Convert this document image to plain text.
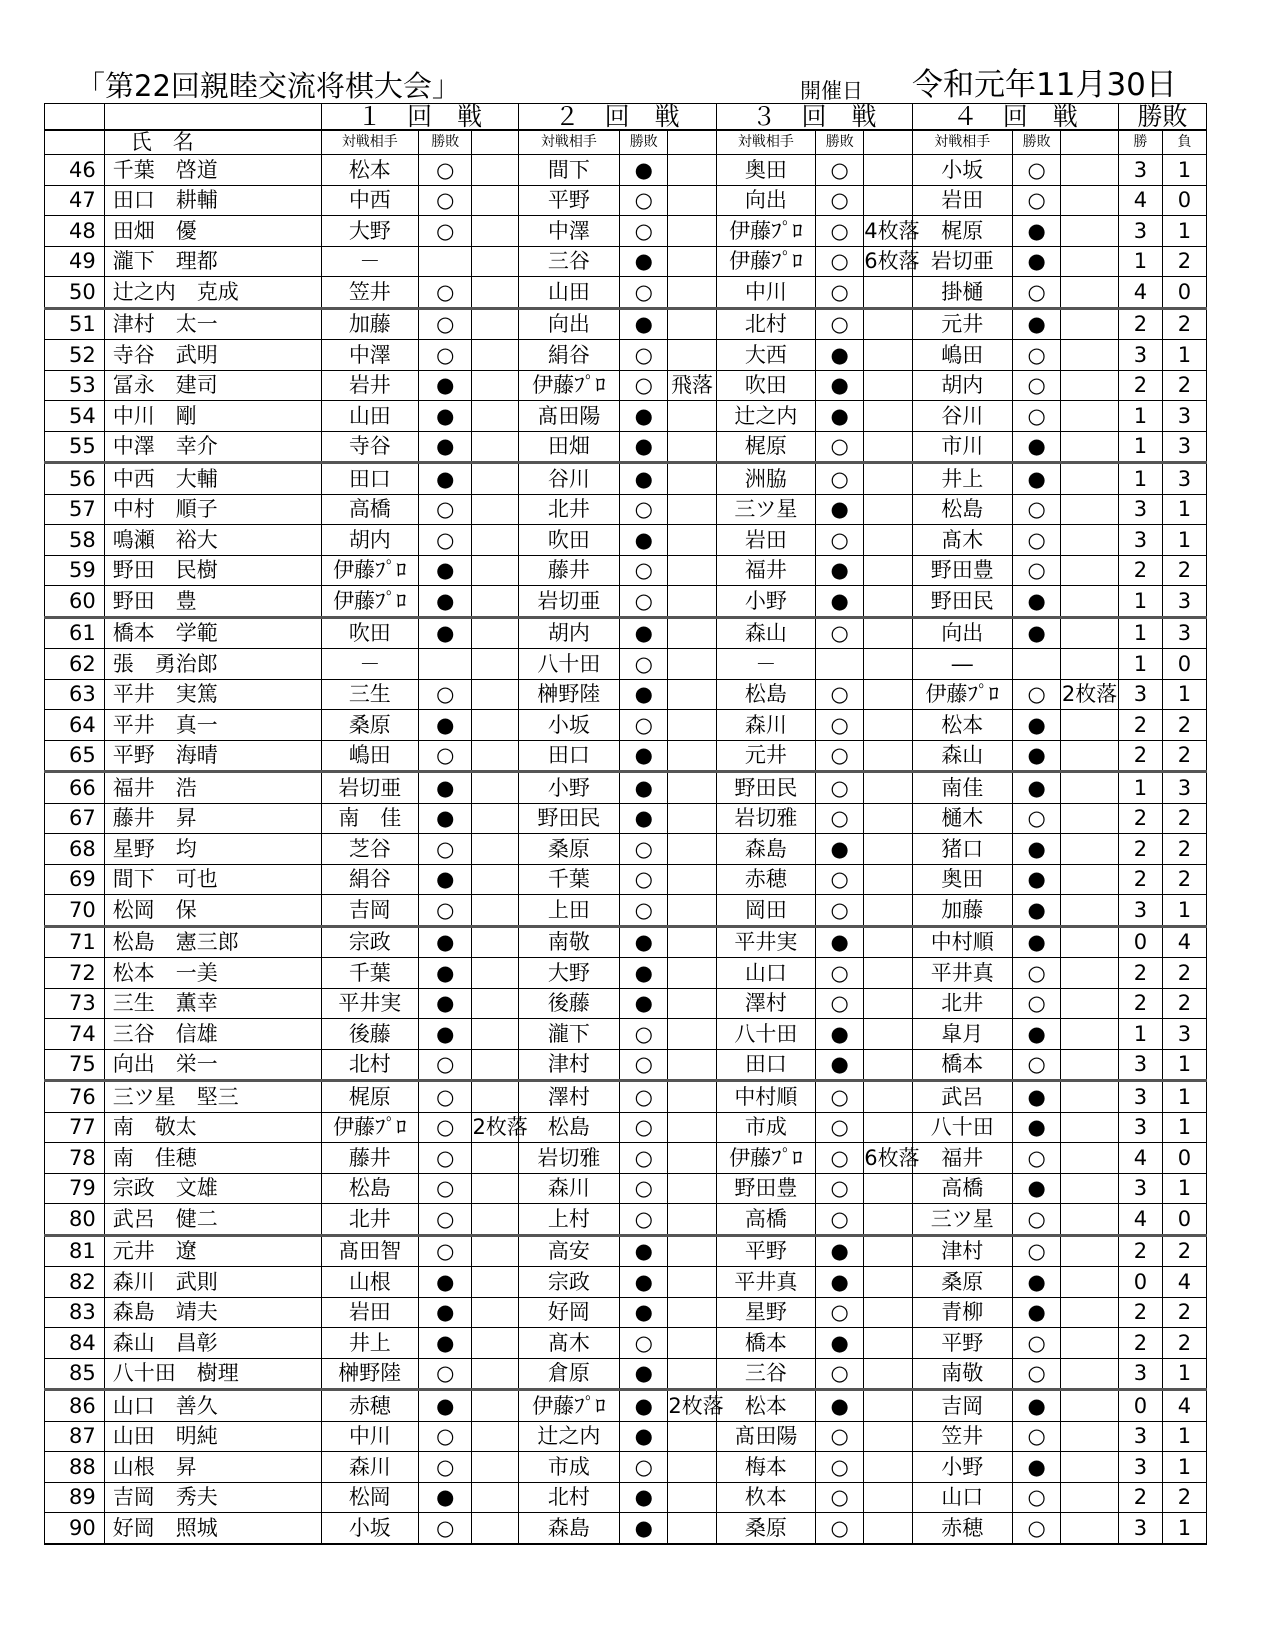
「第22回親睦交流将棋大会」	開催日 令和元年11月30日
		１　回　戦			２　回　戦			３　回　戦			４　回　戦			勝敗	
	氏　名	対戦相手	勝敗		対戦相手	勝敗		対戦相手	勝敗		対戦相手	勝敗		勝	負
46	千葉　啓道	松本	○		間下	●		奥田	○		小坂	○		3	1
47	田口　耕輔	中西	○		平野	○		向出	○		岩田	○		4	0
48	田畑　優	大野	○		中澤	○		伊藤ﾌﾟﾛ	○	4枚落	梶原	●		3	1
49	瀧下　理都	－			三谷	●		伊藤ﾌﾟﾛ	○	6枚落	岩切亜	●		1	2
50	辻之内　克成	笠井	○		山田	○		中川	○		掛樋	○		4	0
51	津村　太一	加藤	○		向出	●		北村	○		元井	●		2	2
52	寺谷　武明	中澤	○		絹谷	○		大西	●		嶋田	○		3	1
53	冨永　建司	岩井	●		伊藤ﾌﾟﾛ	○	飛落	吹田	●		胡内	○		2	2
54	中川　剛	山田	●		髙田陽	●		辻之内	●		谷川	○		1	3
55	中澤　幸介	寺谷	●		田畑	●		梶原	○		市川	●		1	3
56	中西　大輔	田口	●		谷川	●		洲脇	○		井上	●		1	3
57	中村　順子	高橋	○		北井	○		三ツ星	●		松島	○		3	1
58	鳴瀬　裕大	胡内	○		吹田	●		岩田	○		髙木	○		3	1
59	野田　民樹	伊藤ﾌﾟﾛ	●		藤井	○		福井	●		野田豊	○		2	2
60	野田　豊	伊藤ﾌﾟﾛ	●		岩切亜	○		小野	●		野田民	●		1	3
61	橋本　学範	吹田	●		胡内	●		森山	○		向出	●		1	3
62	張　勇治郎	－			八十田	○		－			―			1	0
63	平井　実篤	三生	○		榊野陸	●		松島	○		伊藤ﾌﾟﾛ	○	2枚落	3	1
64	平井　真一	桑原	●		小坂	○		森川	○		松本	●		2	2
65	平野　海晴	嶋田	○		田口	●		元井	○		森山	●		2	2
66	福井　浩	岩切亜	●		小野	●		野田民	○		南佳	●		1	3
67	藤井　昇	南　佳	●		野田民	●		岩切雅	○		樋木	○		2	2
68	星野　均	芝谷	○		桑原	○		森島	●		猪口	●		2	2
69	間下　可也	絹谷	●		千葉	○		赤穂	○		奥田	●		2	2
70	松岡　保	吉岡	○		上田	○		岡田	○		加藤	●		3	1
71	松島　憲三郎	宗政	●		南敬	●		平井実	●		中村順	●		0	4
72	松本　一美	千葉	●		大野	●		山口	○		平井真	○		2	2
73	三生　薫幸	平井実	●		後藤	●		澤村	○		北井	○		2	2
74	三谷　信雄	後藤	●		瀧下	○		八十田	●		皐月	●		1	3
75	向出　栄一	北村	○		津村	○		田口	●		橋本	○		3	1
76	三ツ星　堅三	梶原	○		澤村	○		中村順	○		武呂	●		3	1
77	南　敬太	伊藤ﾌﾟﾛ	○	2枚落	松島	○		市成	○		八十田	●		3	1
78	南　佳穂	藤井	○		岩切雅	○		伊藤ﾌﾟﾛ	○	6枚落	福井	○		4	0
79	宗政　文雄	松島	○		森川	○		野田豊	○		高橋	●		3	1
80	武呂　健二	北井	○		上村	○		高橋	○		三ツ星	○		4	0
81	元井　遼	髙田智	○		高安	●		平野	●		津村	○		2	2
82	森川　武則	山根	●		宗政	●		平井真	●		桑原	●		0	4
83	森島　靖夫	岩田	●		好岡	●		星野	○		青柳	●		2	2
84	森山　昌彰	井上	●		髙木	○		橋本	●		平野	○		2	2
85	八十田　樹理	榊野陸	○		倉原	●		三谷	○		南敬	○		3	1
86	山口　善久	赤穂	●		伊藤ﾌﾟﾛ	●	2枚落	松本	●		吉岡	●		0	4
87	山田　明純	中川	○		辻之内	●		髙田陽	○		笠井	○		3	1
88	山根　昇	森川	○		市成	○		梅本	○		小野	●		3	1
89	吉岡　秀夫	松岡	●		北村	●		杦本	○		山口	○		2	2
90	好岡　照城	小坂	○		森島	●		桑原	○		赤穂	○		3	1
